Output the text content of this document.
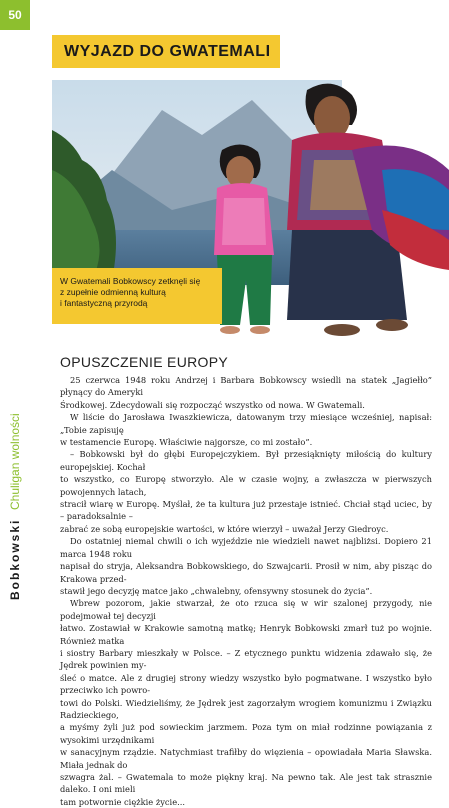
50
Chuligan wolności
Bobkowski
WYJAZD DO GWATEMALI
W Gwatemali Bobkowscy zetknęli się
z zupełnie odmienną kulturą
i fantastyczną przyrodą
OPUSZCZENIE EUROPY

25 czerwca 1948 roku Andrzej i Barbara Bobkowscy wsiedli na statek „Jagiełło” płynący do Ameryki

Środkowej. Zdecydowali się rozpocząć wszystko od nowa. W Gwatemali.

W liście do Jarosława Iwaszkiewicza, datowanym trzy miesiące wcześniej, napisał: „Tobie zapisuję

w testamencie Europę. Właściwie najgorsze, co mi zostało”.

– Bobkowski był do głębi Europejczykiem. Był przesiąknięty miłością do kultury europejskiej. Kochał

to wszystko, co Europę stworzyło. Ale w czasie wojny, a zwłaszcza w pierwszych powojennych latach,

stracił wiarę w Europę. Myślał, że ta kultura już przestaje istnieć. Chciał stąd uciec, by – paradoksalnie –

zabrać ze sobą europejskie wartości, w które wierzył – uważał Jerzy Giedroyc.

Do ostatniej niemal chwili o ich wyjeździe nie wiedzieli nawet najbliżsi. Dopiero 21 marca 1948 roku

napisał do stryja, Aleksandra Bobkowskiego, do Szwajcarii. Prosił w nim, aby pisząc do Krakowa przed-

stawił jego decyzję matce jako „chwalebny, ofensywny stosunek do życia”.

Wbrew pozorom, jakie stwarzał, że oto rzuca się w wir szalonej przygody, nie podejmował tej decyzji

łatwo. Zostawiał w Krakowie samotną matkę; Henryk Bobkowski zmarł tuż po wojnie. Również matka

i siostry Barbary mieszkały w Polsce. – Z etycznego punktu widzenia zdawało się, że Jędrek powinien my-

śleć o matce. Ale z drugiej strony wiedzy wszystko było pogmatwane. I wszystko było przeciwko ich powro-

towi do Polski. Wiedzieliśmy, że Jędrek jest zagorzałym wrogiem komunizmu i Związku Radzieckiego,

a myśmy żyli już pod sowieckim jarzmem. Poza tym on miał rodzinne powiązania z wysokimi urzędnikami

w sanacyjnym rządzie. Natychmiast trafiłby do więzienia – opowiadała Maria Sławska. Miała jednak do

szwagra żal. – Gwatemala to może piękny kraj. Na pewno tak. Ale jest tak strasznie daleko. I oni mieli

tam potwornie ciężkie życie...
